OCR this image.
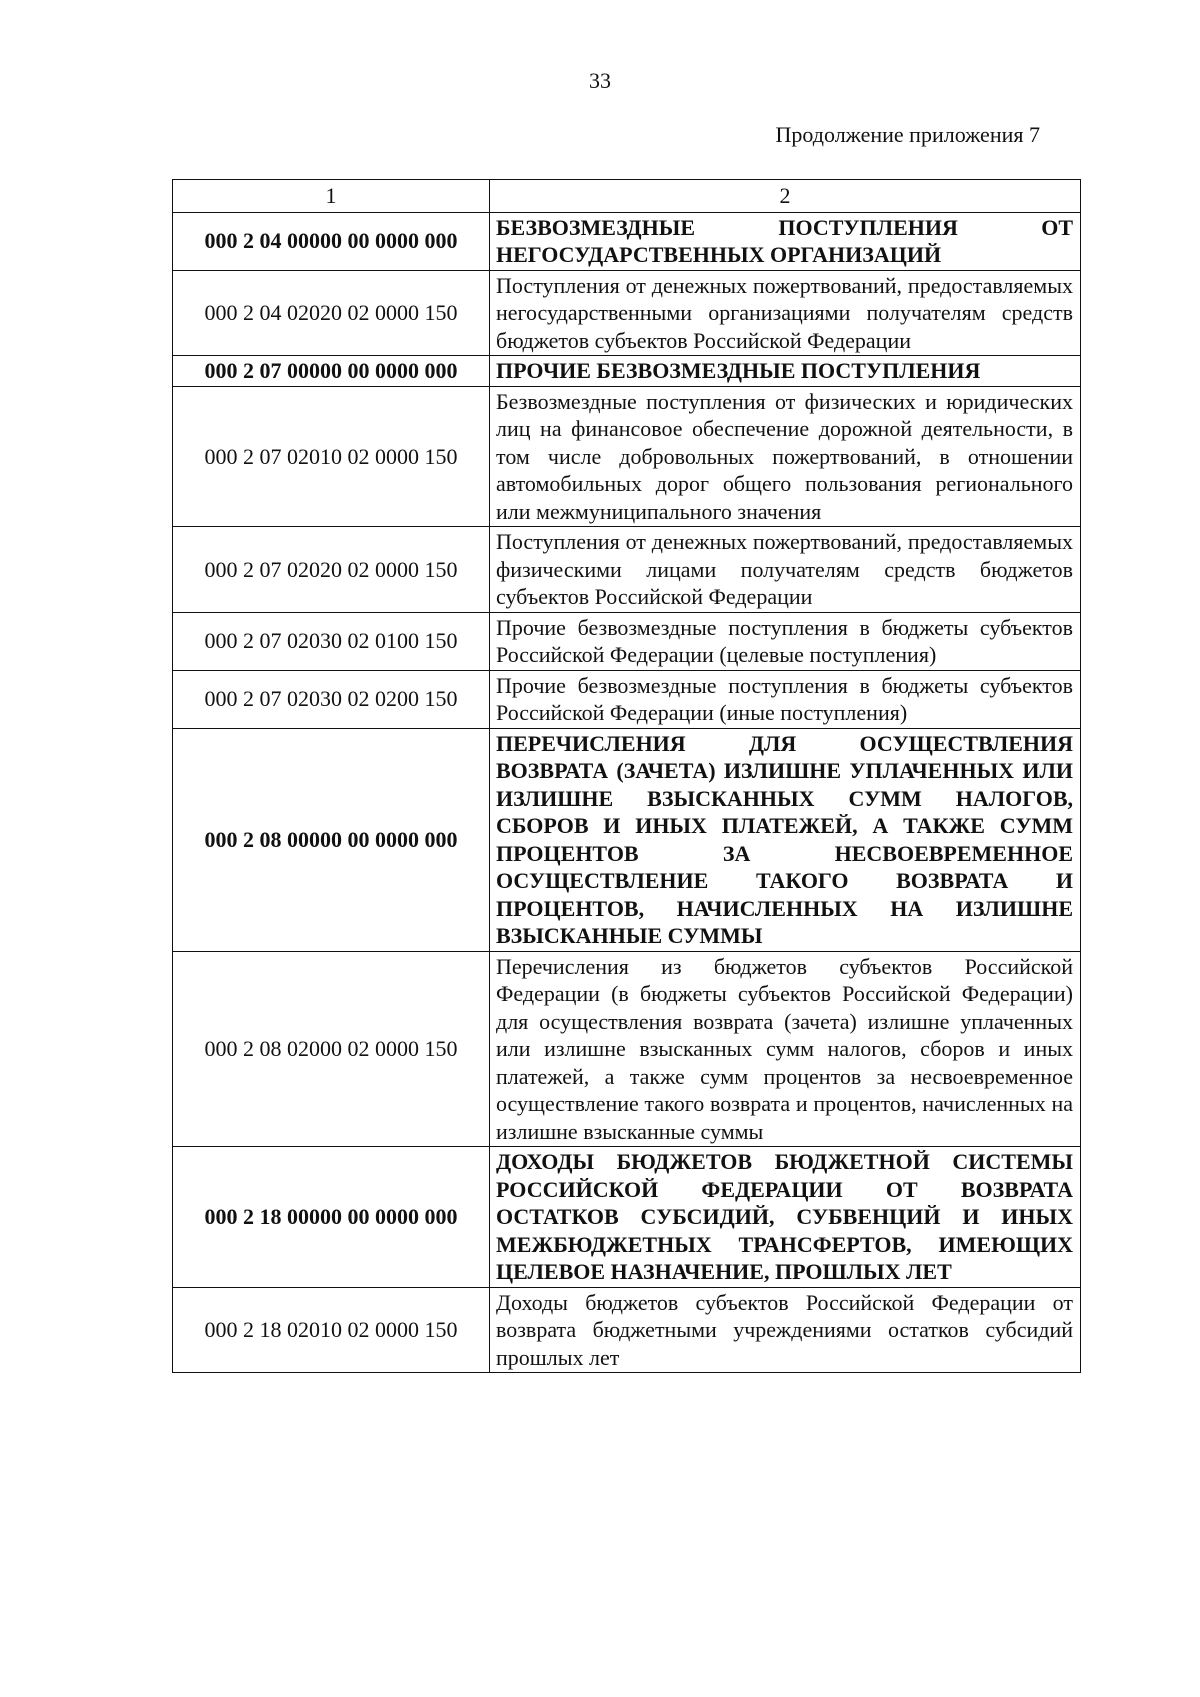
33
Продолжение приложения 7
1	2
000 2 04 00000 00 0000 000	БЕЗВОЗМЕЗДНЫЕ ПОСТУПЛЕНИЯ ОТ НЕГОСУДАРСТВЕННЫХ ОРГАНИЗАЦИЙ
000 2 04 02020 02 0000 150	Поступления от денежных пожертвований, предоставляемых негосударственными организациями получателям средств бюджетов субъектов Российской Федерации
000 2 07 00000 00 0000 000	ПРОЧИЕ БЕЗВОЗМЕЗДНЫЕ ПОСТУПЛЕНИЯ
000 2 07 02010 02 0000 150	Безвозмездные поступления от физических и юридических лиц на финансовое обеспечение дорожной деятельности, в том числе добровольных пожертвований, в отношении автомобильных дорог общего пользования регионального или межмуниципального значения
000 2 07 02020 02 0000 150	Поступления от денежных пожертвований, предоставляемых физическими лицами получателям средств бюджетов субъектов Российской Федерации
000 2 07 02030 02 0100 150	Прочие безвозмездные поступления в бюджеты субъектов Российской Федерации (целевые поступления)
000 2 07 02030 02 0200 150	Прочие безвозмездные поступления в бюджеты субъектов Российской Федерации (иные поступления)
000 2 08 00000 00 0000 000	ПЕРЕЧИСЛЕНИЯ ДЛЯ ОСУЩЕСТВЛЕНИЯ ВОЗВРАТА (ЗАЧЕТА) ИЗЛИШНЕ УПЛАЧЕННЫХ ИЛИ ИЗЛИШНЕ ВЗЫСКАННЫХ СУММ НАЛОГОВ, СБОРОВ И ИНЫХ ПЛАТЕЖЕЙ, А ТАКЖЕ СУММ ПРОЦЕНТОВ ЗА НЕСВОЕВРЕМЕННОЕ ОСУЩЕСТВЛЕНИЕ ТАКОГО ВОЗВРАТА И ПРОЦЕНТОВ, НАЧИСЛЕННЫХ НА ИЗЛИШНЕ ВЗЫСКАННЫЕ СУММЫ
000 2 08 02000 02 0000 150	Перечисления из бюджетов субъектов Российской Федерации (в бюджеты субъектов Российской Федерации) для осуществления возврата (зачета) излишне уплаченных или излишне взысканных сумм налогов, сборов и иных платежей, а также сумм процентов за несвоевременное осуществление такого возврата и процентов, начисленных на излишне взысканные суммы
000 2 18 00000 00 0000 000	ДОХОДЫ БЮДЖЕТОВ БЮДЖЕТНОЙ СИСТЕМЫ РОССИЙСКОЙ ФЕДЕРАЦИИ ОТ ВОЗВРАТА ОСТАТКОВ СУБСИДИЙ, СУБВЕНЦИЙ И ИНЫХ МЕЖБЮДЖЕТНЫХ ТРАНСФЕРТОВ, ИМЕЮЩИХ ЦЕЛЕВОЕ НАЗНАЧЕНИЕ, ПРОШЛЫХ ЛЕТ
000 2 18 02010 02 0000 150	Доходы бюджетов субъектов Российской Федерации от возврата бюджетными учреждениями остатков субсидий прошлых лет
